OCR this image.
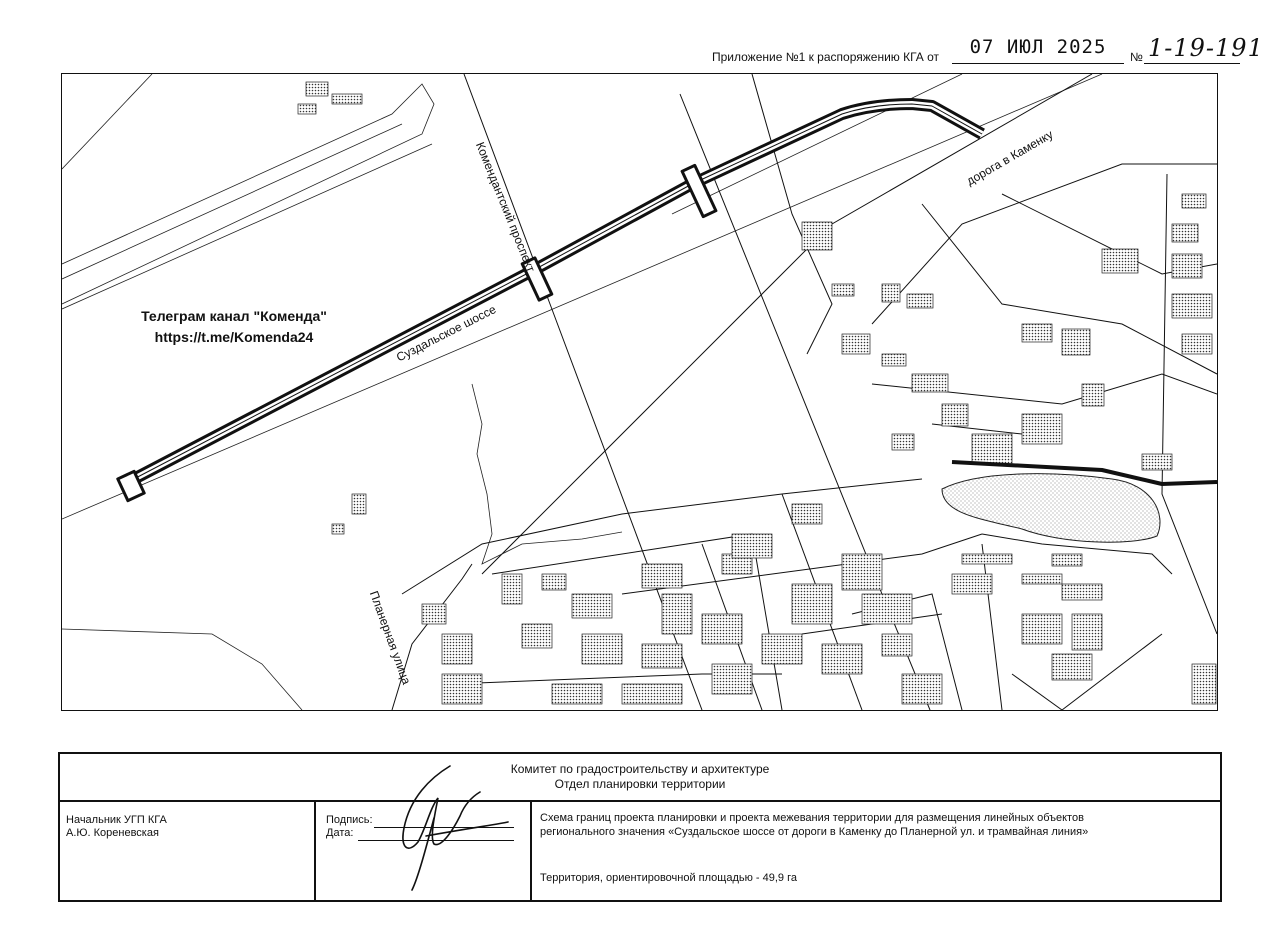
Приложение №1 к распоряжению КГА от	07 ИЮЛ 2025	№ 1-19-191
Суздальское шоссе
Комендантский проспект	дорога в Каменку
Планерная улица
Телеграм канал "Коменда"
https://t.me/Komenda24
Комитет по градостроительству и архитектуре
Отдел планировки территории
Начальник УГП КГА
А.Ю. Кореневская
Подпись:
Дата:
Схема границ проекта планировки и проекта межевания территории для размещения линейных объектов
регионального значения «Суздальское шоссе от дороги в Каменку до Планерной ул. и трамвайная линия»
Территория, ориентировочной площадью - 49,9 га
